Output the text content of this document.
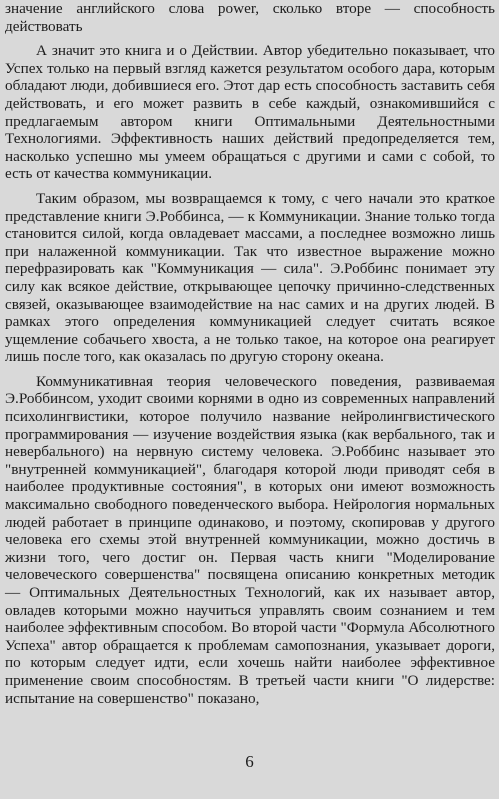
значение английского слова power, сколько вторе — способность действовать

А значит это книга и о Действии. Автор убедительно показывает, что Успех только на первый взгляд кажется результатом особого дара, которым обладают люди, добившиеся его. Этот дар есть способность заставить себя действовать, и его может развить в себе каждый, ознакомившийся с предлагаемым автором книги Оптимальными Деятельностными Технологиями. Эффективность наших действий предопределяется тем, насколько успешно мы умеем обращаться с другими и сами с собой, то есть от качества коммуникации.

Таким образом, мы возвращаемся к тому, с чего начали это краткое представление книги Э.Роббинса, — к Коммуникации. Знание только тогда становится силой, когда овладевает массами, а последнее возможно лишь при налаженной коммуникации. Так что известное выражение можно перефразировать как "Коммуникация — сила". Э.Роббинс понимает эту силу как всякое действие, открывающее цепочку причинно-следственных связей, оказывающее взаимодействие на нас самих и на других людей. В рамках этого определения коммуникацией следует считать всякое ущемление собачьего хвоста, а не только такое, на которое она реагирует лишь после того, как оказалась по другую сторону океана.

Коммуникативная теория человеческого поведения, развиваемая Э.Роббинсом, уходит своими корнями в одно из современных направлений психолингвистики, которое получило название нейролингвистического программирования — изучение воздействия языка (как вербального, так и невербального) на нервную систему человека. Э.Роббинс называет это "внутренней коммуникацией", благодаря которой люди приводят себя в наиболее продуктивные состояния", в которых они имеют возможность максимально свободного поведенческого выбора. Нейрология нормальных людей работает в принципе одинаково, и поэтому, скопировав у другого человека его схемы этой внутренней коммуникации, можно достичь в жизни того, чего достиг он. Первая часть книги "Моделирование человеческого совершенства" посвящена описанию конкретных методик — Оптимальных Деятельностных Технологий, как их называет автор, овладев которыми можно научиться управлять своим сознанием и тем наиболее эффективным способом. Во второй части "Формула Абсолютного Успеха" автор обращается к проблемам самопознания, указывает дороги, по которым следует идти, если хочешь найти наиболее эффективное применение своим способностям. В третьей части книги "О лидерстве: испытание на совершенство" показано,

6
